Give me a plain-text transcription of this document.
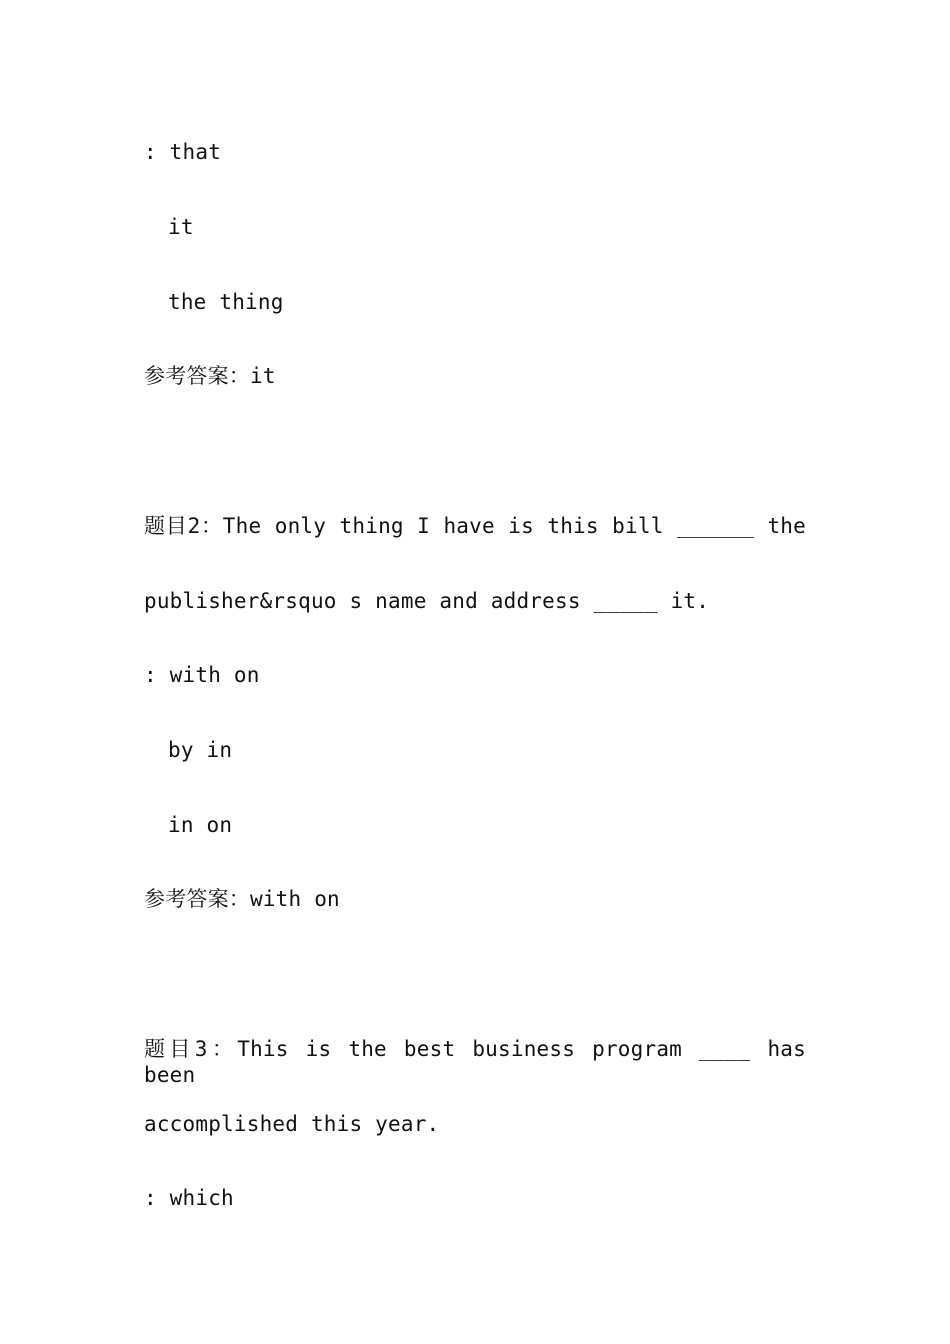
: that
it
the thing
参考答案：it
题目2：The only thing I have is this bill ______ the
publisher&rsquo s name and address _____ it.
: with on
by in
in on
参考答案：with on
题目3：This is the best business program ____ has been
accomplished this year.
: which
